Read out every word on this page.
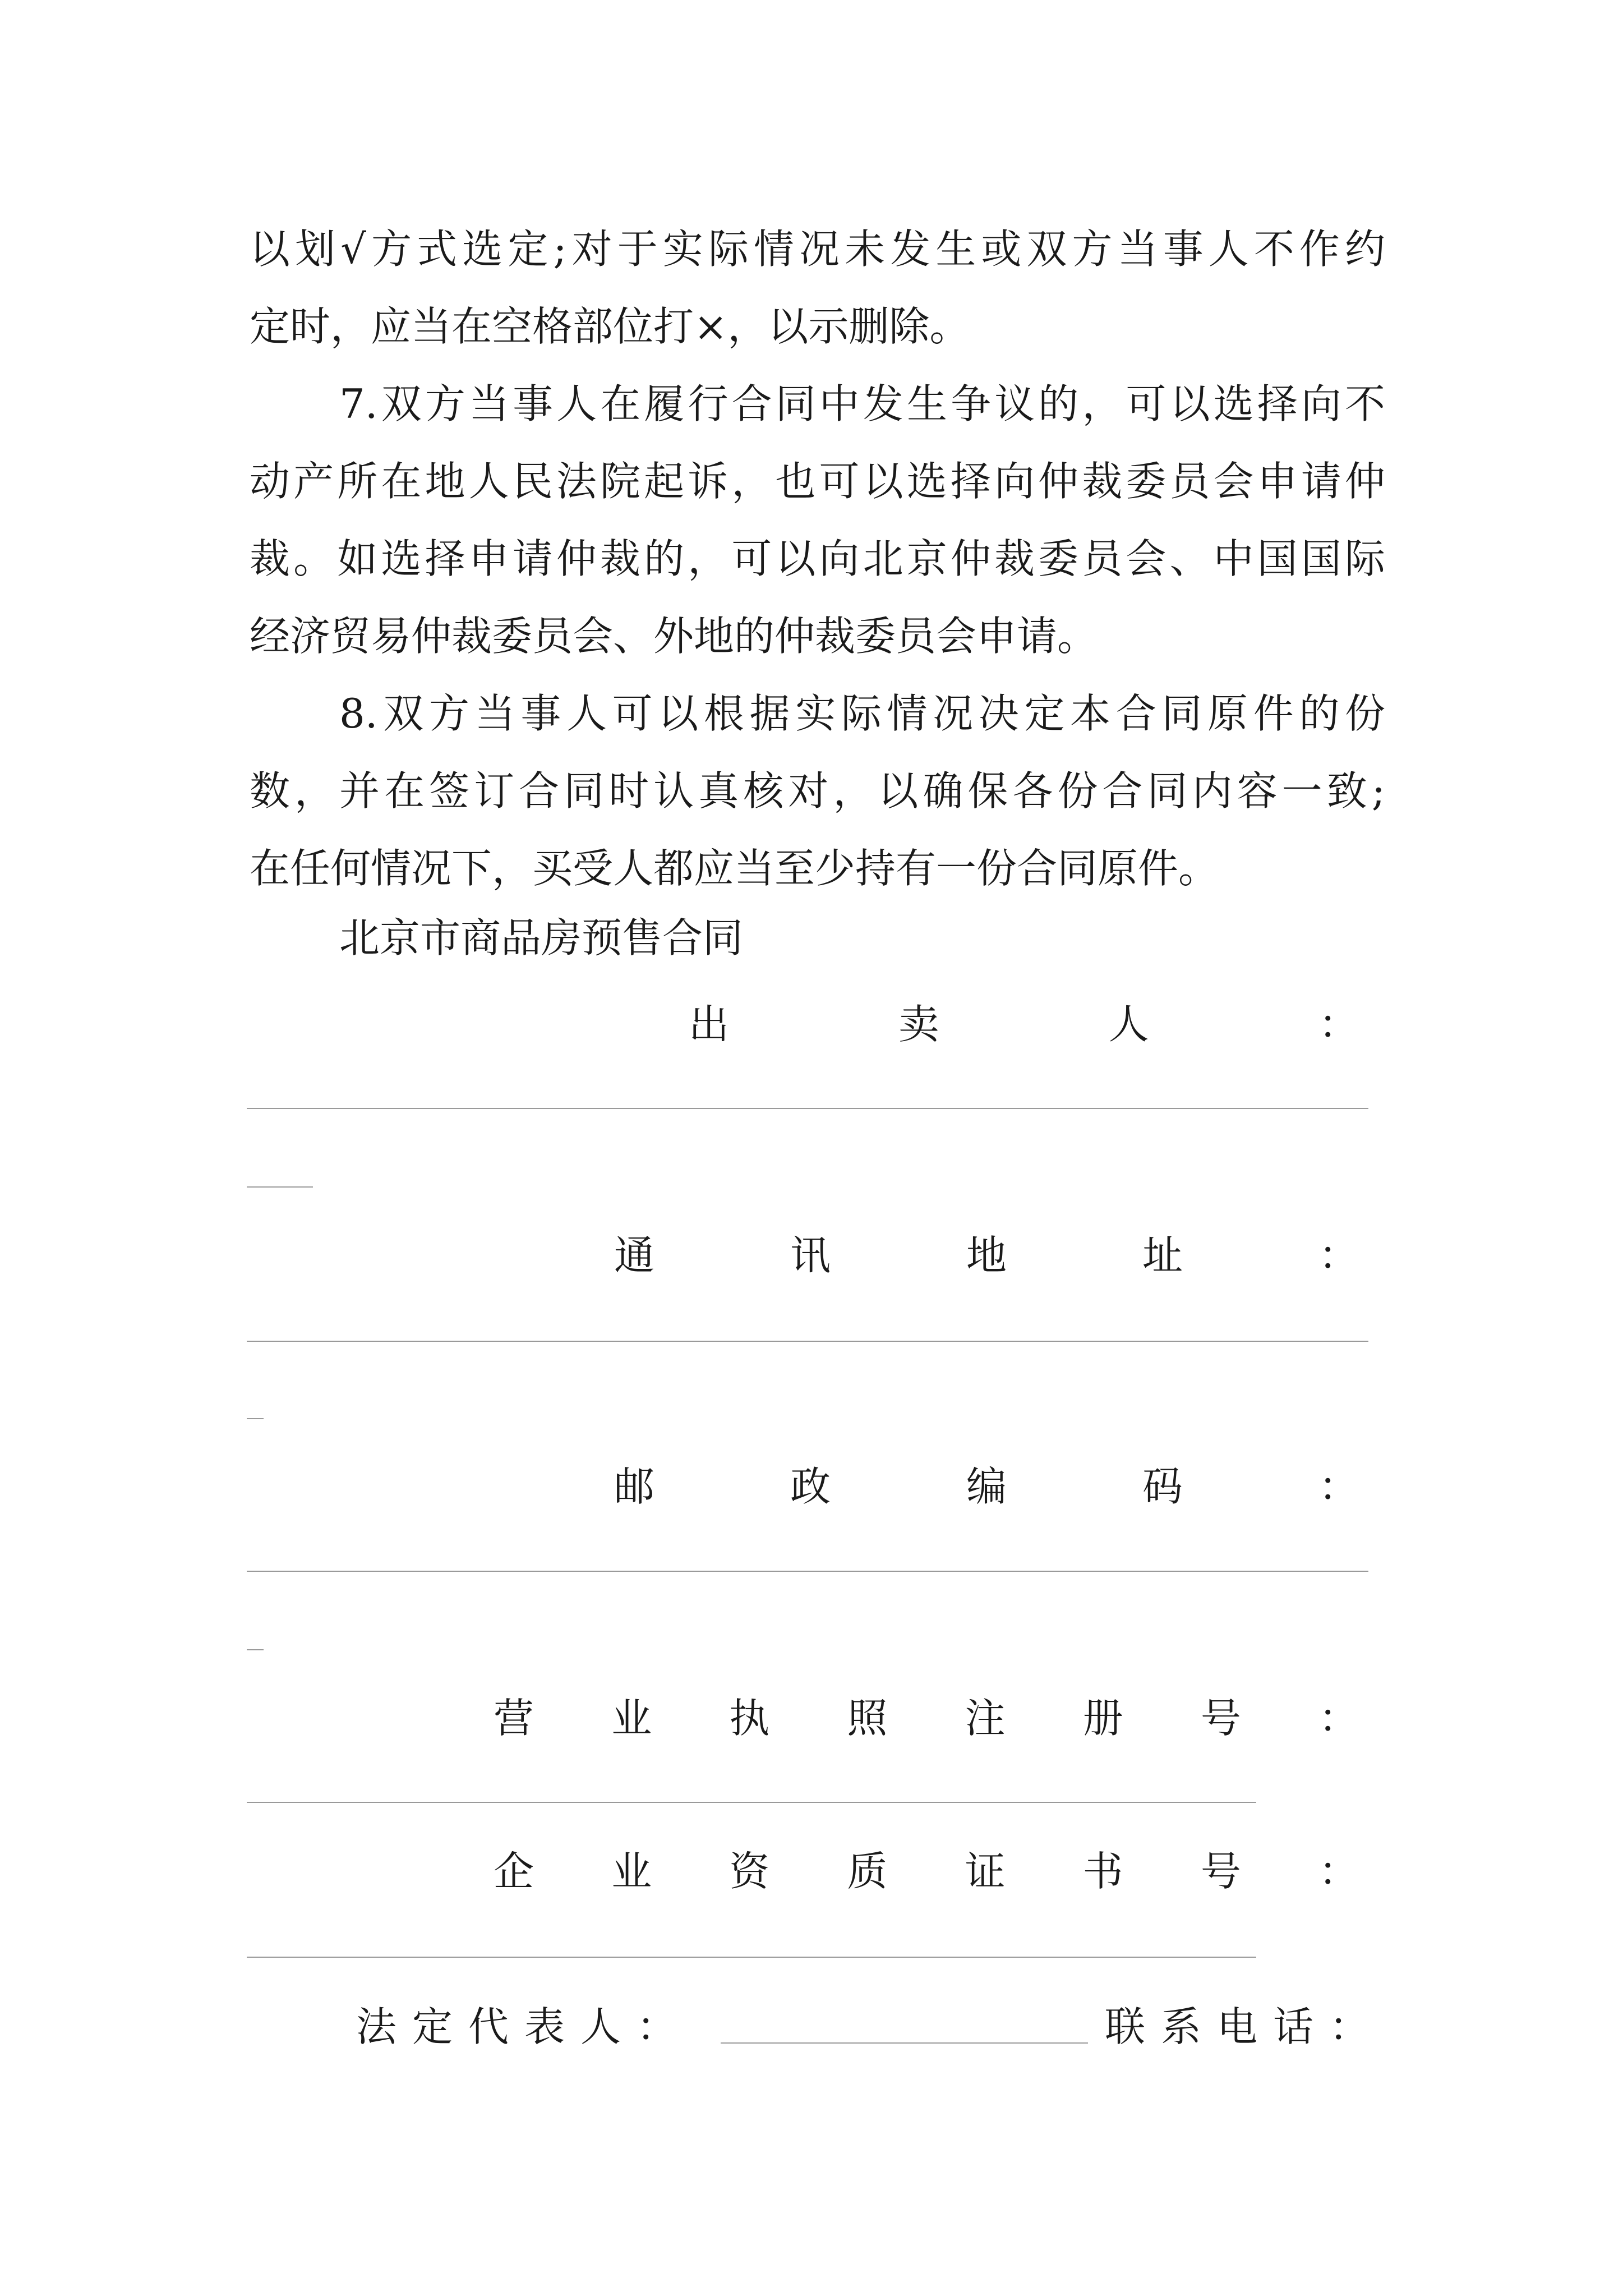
以划√方式选定;对于实际情况未发生或双方当事人不作约

定时，应当在空格部位打×，以示删除。

7.双方当事人在履行合同中发生争议的，可以选择向不

动产所在地人民法院起诉，也可以选择向仲裁委员会申请仲

裁。如选择申请仲裁的，可以向北京仲裁委员会、中国国际

经济贸易仲裁委员会、外地的仲裁委员会申请。

8.双方当事人可以根据实际情况决定本合同原件的份

数，并在签订合同时认真核对，以确保各份合同内容一致;

在任何情况下，买受人都应当至少持有一份合同原件。

北京市商品房预售合同

出	卖	人	：
通	讯	地	址	：
邮	政	编	码	：
营 业 执 照 注 册 号 ：
企 业 资 质 证 书 号 ：
法定代表人：	联系电话：
